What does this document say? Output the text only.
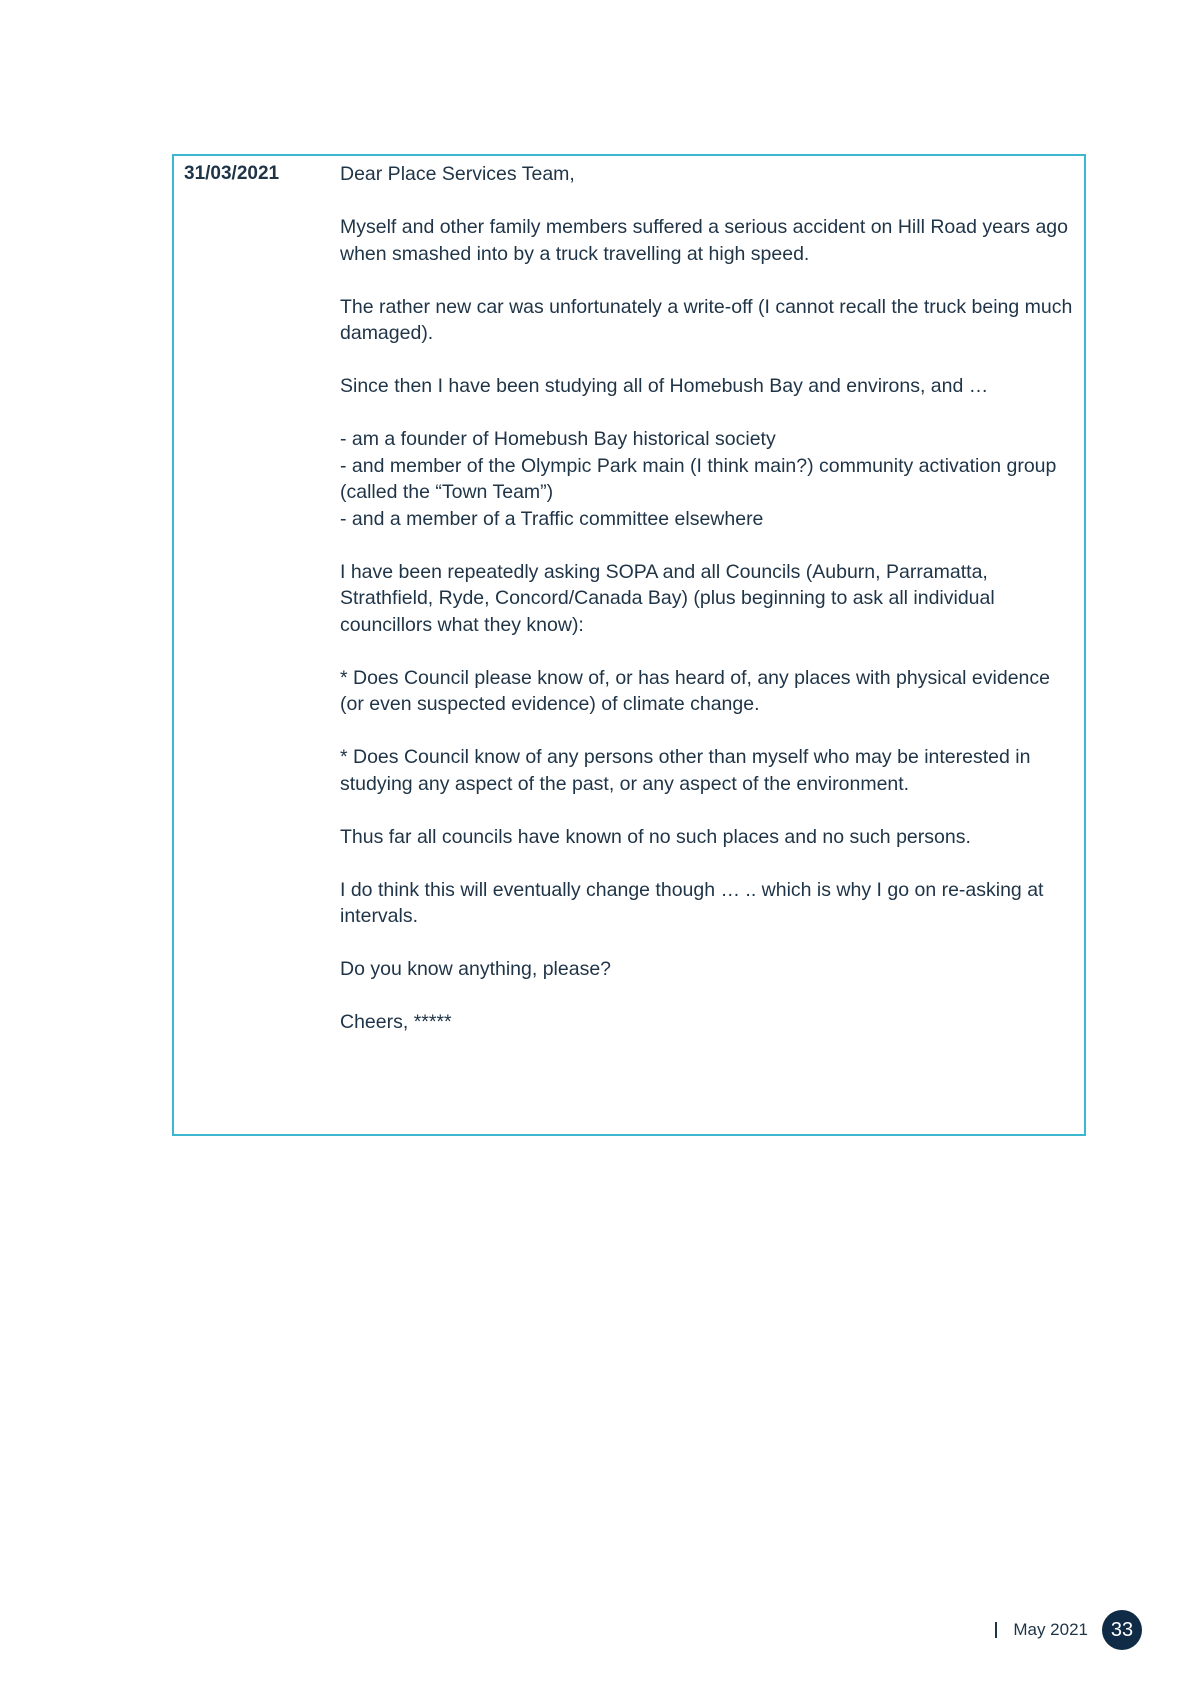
31/03/2021	Dear Place Services Team,

Myself and other family members suffered a serious accident on Hill Road years ago when smashed into by a truck travelling at high speed.

The rather new car was unfortunately a write-off (I cannot recall the truck being much damaged).

Since then I have been studying all of Homebush Bay and environs, and …

- am a founder of Homebush Bay historical society

- and member of the Olympic Park main (I think main?) community activation group (called the “Town Team”)

- and a member of a Traffic committee elsewhere

I have been repeatedly asking SOPA and all Councils (Auburn, Parramatta, Strathfield, Ryde, Concord/Canada Bay) (plus beginning to ask all individual councillors what they know):

* Does Council please know of, or has heard of, any places with physical evidence (or even suspected evidence) of climate change.

* Does Council know of any persons other than myself who may be interested in studying any aspect of the past, or any aspect of the environment.

Thus far all councils have known of no such places and no such persons.

I do think this will eventually change though … .. which is why I go on re-asking at intervals.

Do you know anything, please?

Cheers, *****

May 2021	33
